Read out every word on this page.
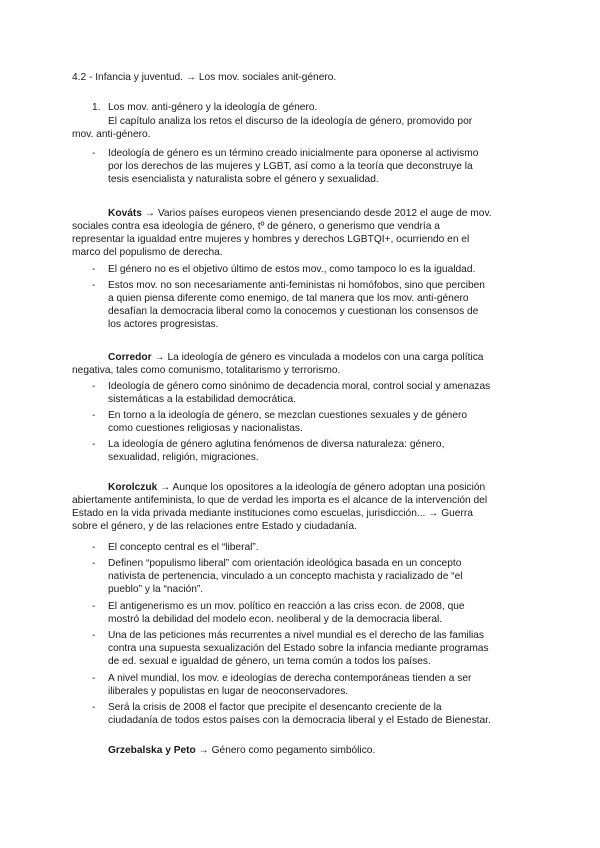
4.2 - Infancia y juventud. → Los mov. sociales anit-género.
1. Los mov. anti-género y la ideología de género.
El capítulo analiza los retos el discurso de la ideología de género, promovido por
mov. anti-género.
- Ideología de género es un término creado inicialmente para oponerse al activismo
por los derechos de las mujeres y LGBT, así como a la teoría que deconstruye la
tesis esencialista y naturalista sobre el género y sexualidad.
Kováts → Varios países europeos vienen presenciando desde 2012 el auge de mov.
sociales contra esa ideología de género, tº de género, o generismo que vendría a
representar la igualdad entre mujeres y hombres y derechos LGBTQI+, ocurriendo en el
marco del populismo de derecha.
- El género no es el objetivo último de estos mov., como tampoco lo es la igualdad.
- Estos mov. no son necesariamente anti-feministas ni homófobos, sino que perciben
a quien piensa diferente como enemigo, de tal manera que los mov. anti-género
desafían la democracia liberal como la conocemos y cuestionan los consensos de
los actores progresistas.
Corredor → La ideología de género es vinculada a modelos con una carga política
negativa, tales como comunismo, totalitarismo y terrorismo.
- Ideología de género como sinónimo de decadencia moral, control social y amenazas
sistemáticas a la estabilidad democrática.
- En torno a la ideología de género, se mezclan cuestiones sexuales y de género
como cuestiones religiosas y nacionalistas.
- La ideología de género aglutina fenómenos de diversa naturaleza: género,
sexualidad, religión, migraciones.
Korolczuk → Aunque los opositores a la ideología de género adoptan una posición
abiertamente antifeminista, lo que de verdad les importa es el alcance de la intervención del
Estado en la vida privada mediante instituciones como escuelas, jurisdicción... → Guerra
sobre el género, y de las relaciones entre Estado y ciudadanía.
- El concepto central es el “liberal”.
- Definen “populismo liberal” com orientación ideológica basada en un concepto
nativista de pertenencia, vinculado a un concepto machista y racializado de “el
pueblo” y la “nación”.
- El antigenerismo es un mov. político en reacción a las criss econ. de 2008, que
mostró la debilidad del modelo econ. neoliberal y de la democracia liberal.
- Una de las peticiones más recurrentes a nivel mundial es el derecho de las familias
contra una supuesta sexualización del Estado sobre la infancia mediante programas
de ed. sexual e igualdad de género, un tema común a todos los países.
- A nivel mundial, los mov. e ideologías de derecha contemporáneas tienden a ser
iliberales y populistas en lugar de neoconservadores.
- Será la crisis de 2008 el factor que precipite el desencanto creciente de la
ciudadanía de todos estos países con la democracia liberal y el Estado de Bienestar.
Grzebalska y Peto → Género como pegamento simbólico.
